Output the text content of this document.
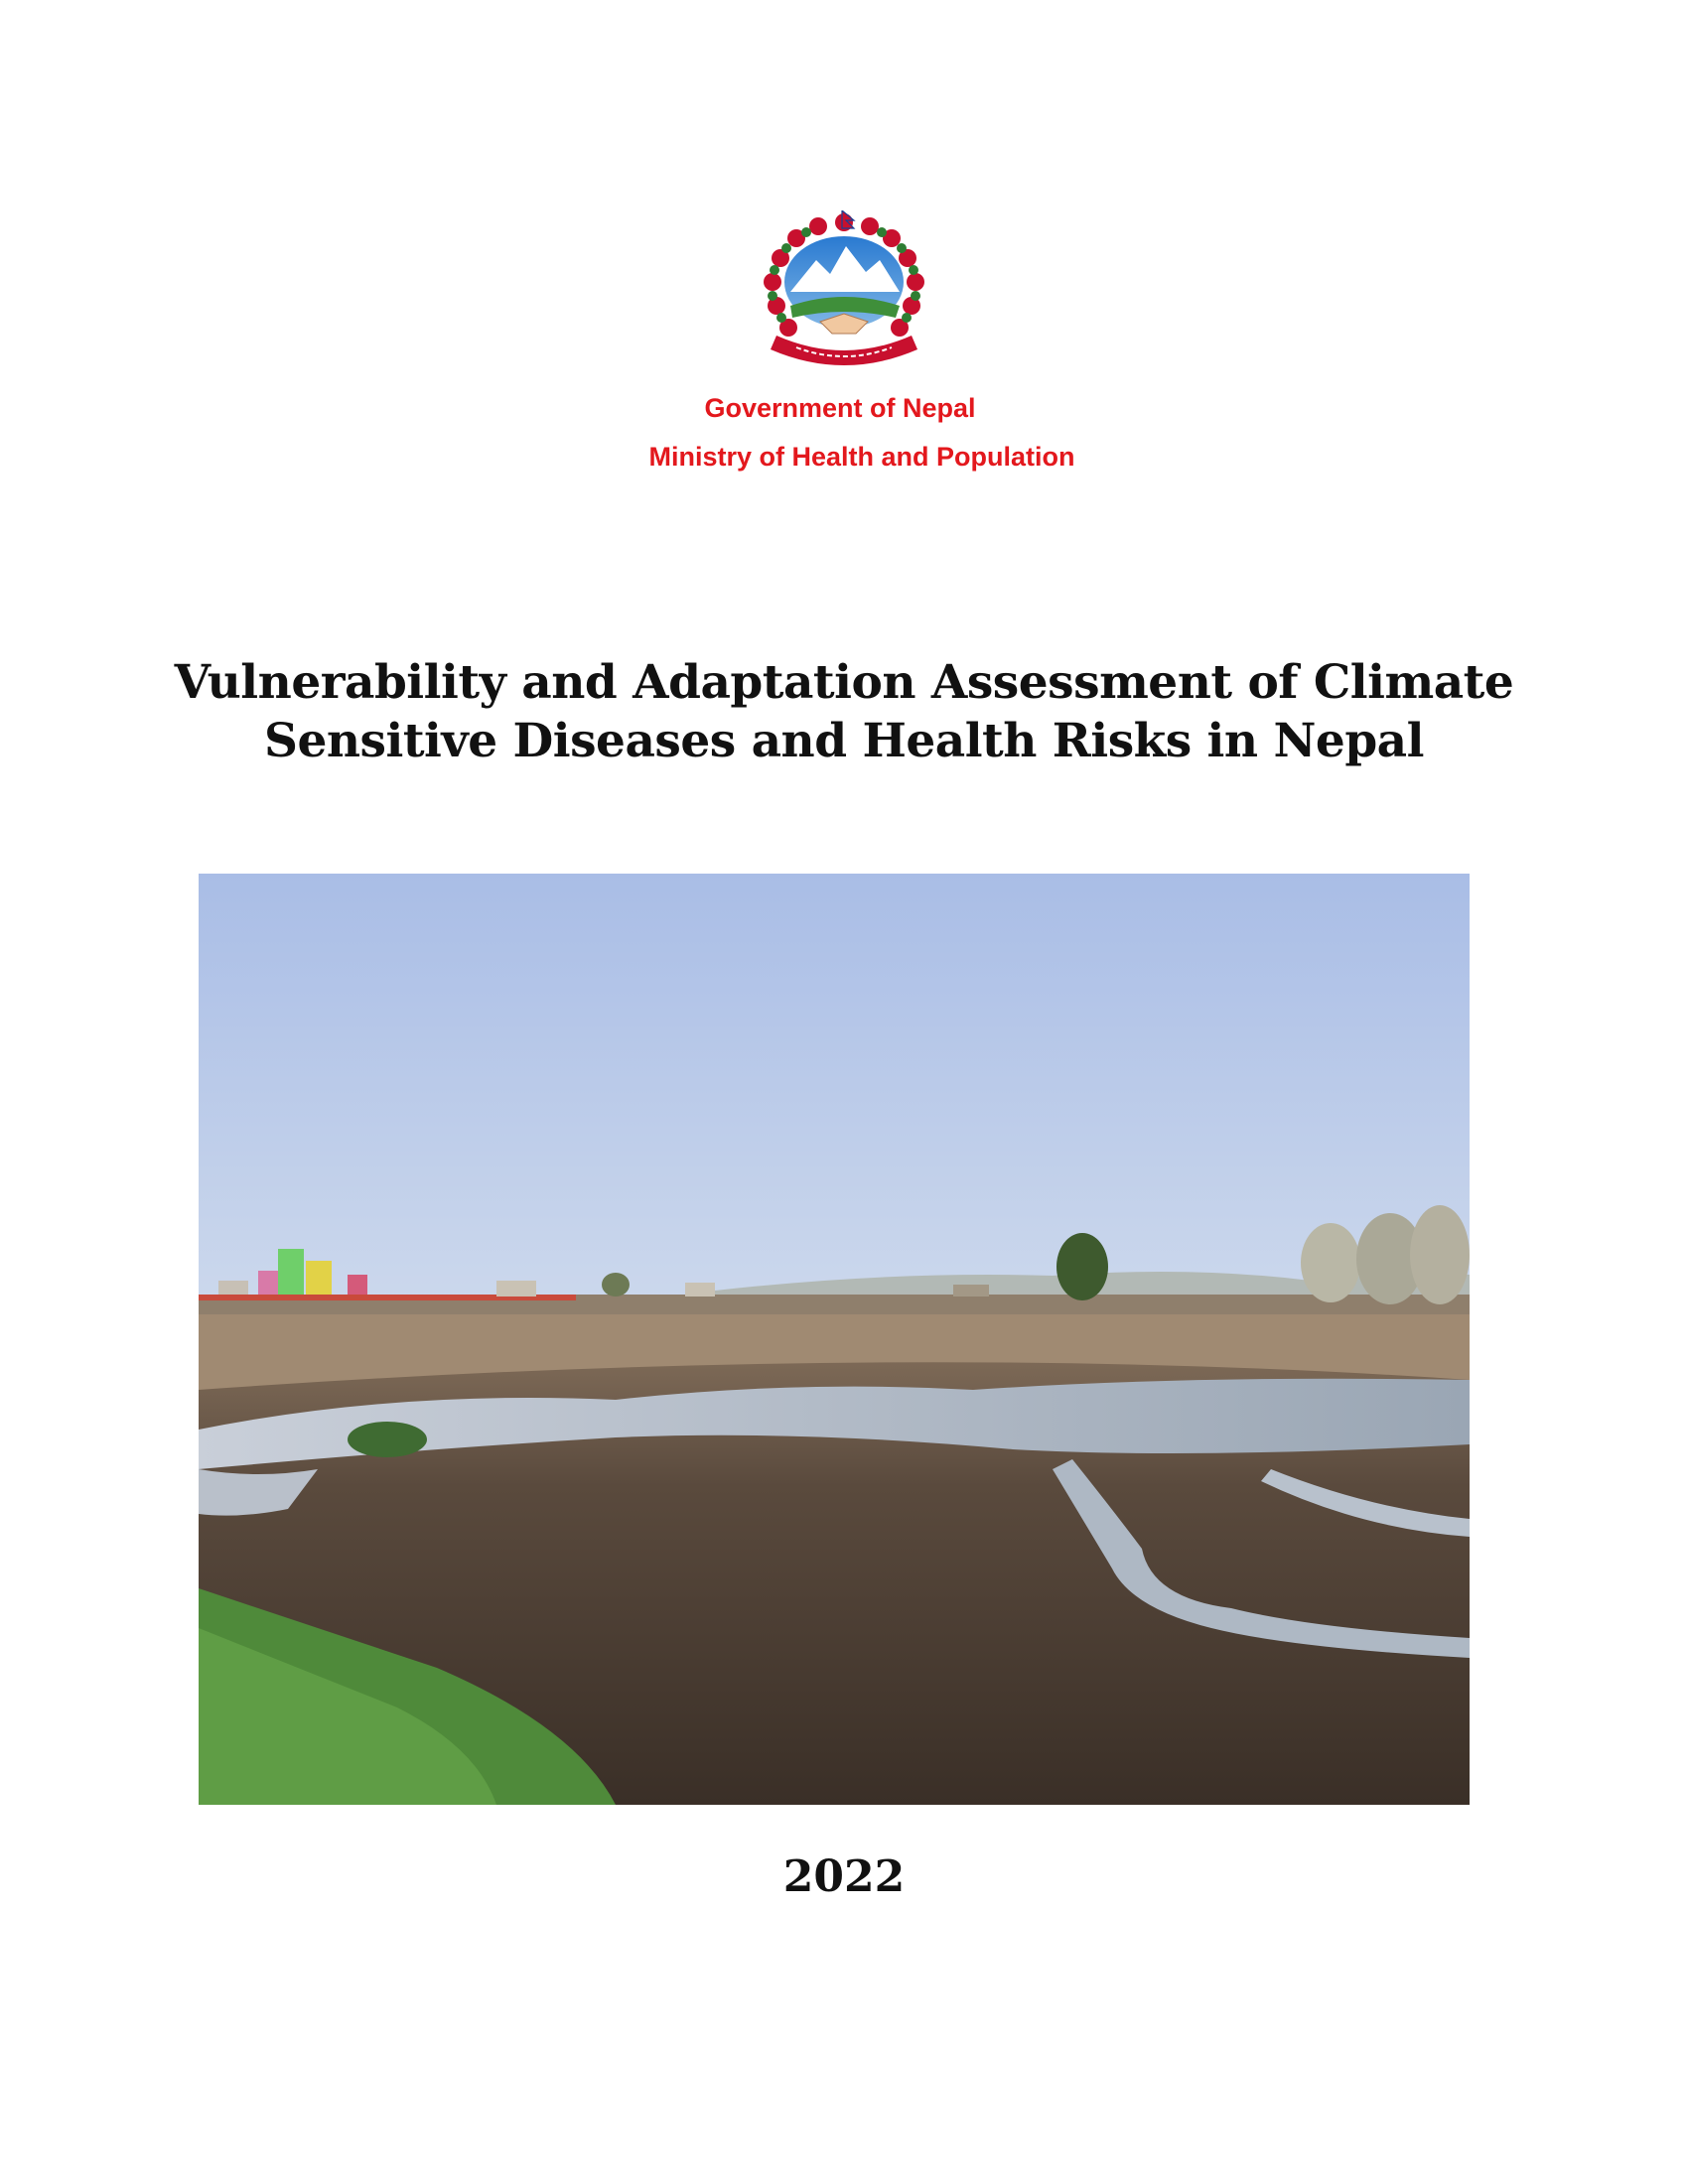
Government of Nepal
Ministry of Health and Population
Vulnerability and Adaptation Assessment of Climate
Sensitive Diseases and Health Risks in Nepal
2022
